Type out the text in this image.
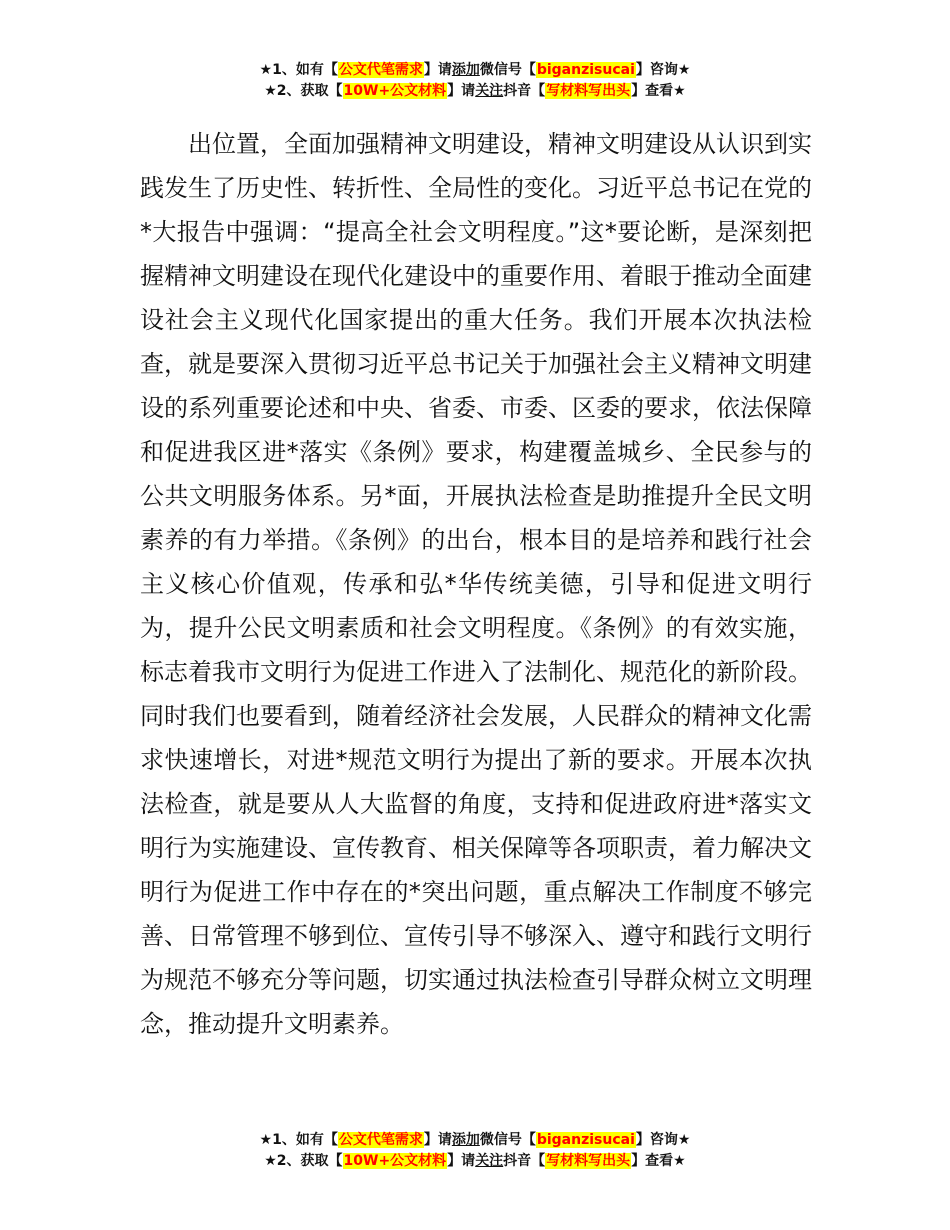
★1、如有【公文代笔需求】请添加微信号【biganzisucai】咨询★
★2、获取【10W+公文材料】请关注抖音【写材料写出头】查看★

出位置，全面加强精神文明建设，精神文明建设从认识到实践发生了历史性、转折性、全局性的变化。习近平总书记在党的*大报告中强调：“提高全社会文明程度。”这*要论断，是深刻把握精神文明建设在现代化建设中的重要作用、着眼于推动全面建设社会主义现代化国家提出的重大任务。我们开展本次执法检查，就是要深入贯彻习近平总书记关于加强社会主义精神文明建设的系列重要论述和中央、省委、市委、区委的要求，依法保障和促进我区进*落实《条例》要求，构建覆盖城乡、全民参与的公共文明服务体系。另*面，开展执法检查是助推提升全民文明素养的有力举措。《条例》的出台，根本目的是培养和践行社会主义核心价值观，传承和弘*华传统美德，引导和促进文明行为，提升公民文明素质和社会文明程度。《条例》的有效实施，标志着我市文明行为促进工作进入了法制化、规范化的新阶段。同时我们也要看到，随着经济社会发展，人民群众的精神文化需求快速增长，对进*规范文明行为提出了新的要求。开展本次执法检查，就是要从人大监督的角度，支持和促进政府进*落实文明行为实施建设、宣传教育、相关保障等各项职责，着力解决文明行为促进工作中存在的*突出问题，重点解决工作制度不够完善、日常管理不够到位、宣传引导不够深入、遵守和践行文明行为规范不够充分等问题，切实通过执法检查引导群众树立文明理念，推动提升文明素养。

★1、如有【公文代笔需求】请添加微信号【biganzisucai】咨询★
★2、获取【10W+公文材料】请关注抖音【写材料写出头】查看★
